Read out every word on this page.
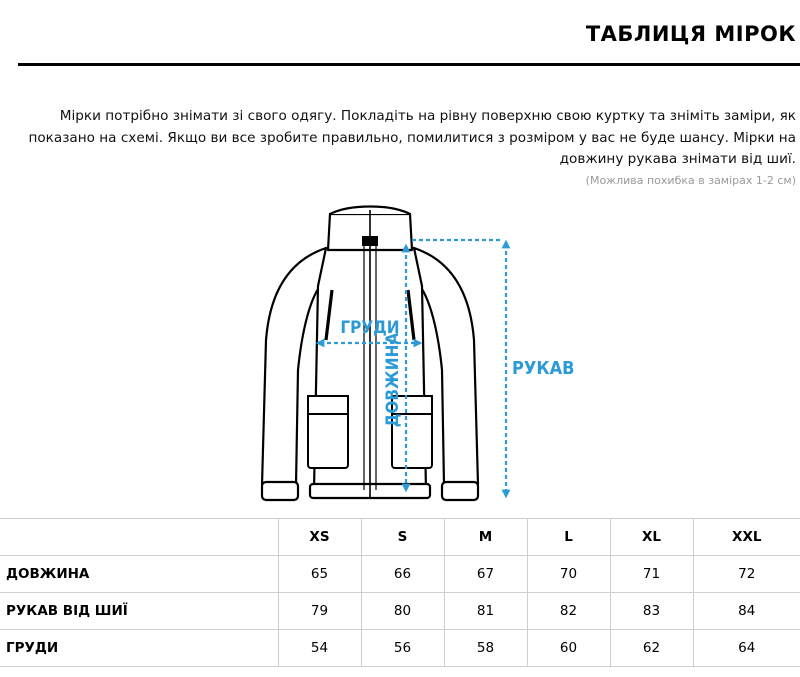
ТАБЛИЦЯ МІРОК

Мірки потрібно знімати зі свого одягу. Покладіть на рівну поверхню свою куртку та зніміть заміри, як показано на схемі. Якщо ви все зробите правильно, помилитися з розміром у вас не буде шансу. Мірки на довжину рукава знімати від шиї.

(Можлива похибка в замірах 1-2 см)
ГРУДИ
ДОВЖИНА	РУКАВ
	XS	S	M	L	XL	XXL
ДОВЖИНА	65	66	67	70	71	72
РУКАВ ВІД ШИЇ	79	80	81	82	83	84
ГРУДИ	54	56	58	60	62	64
